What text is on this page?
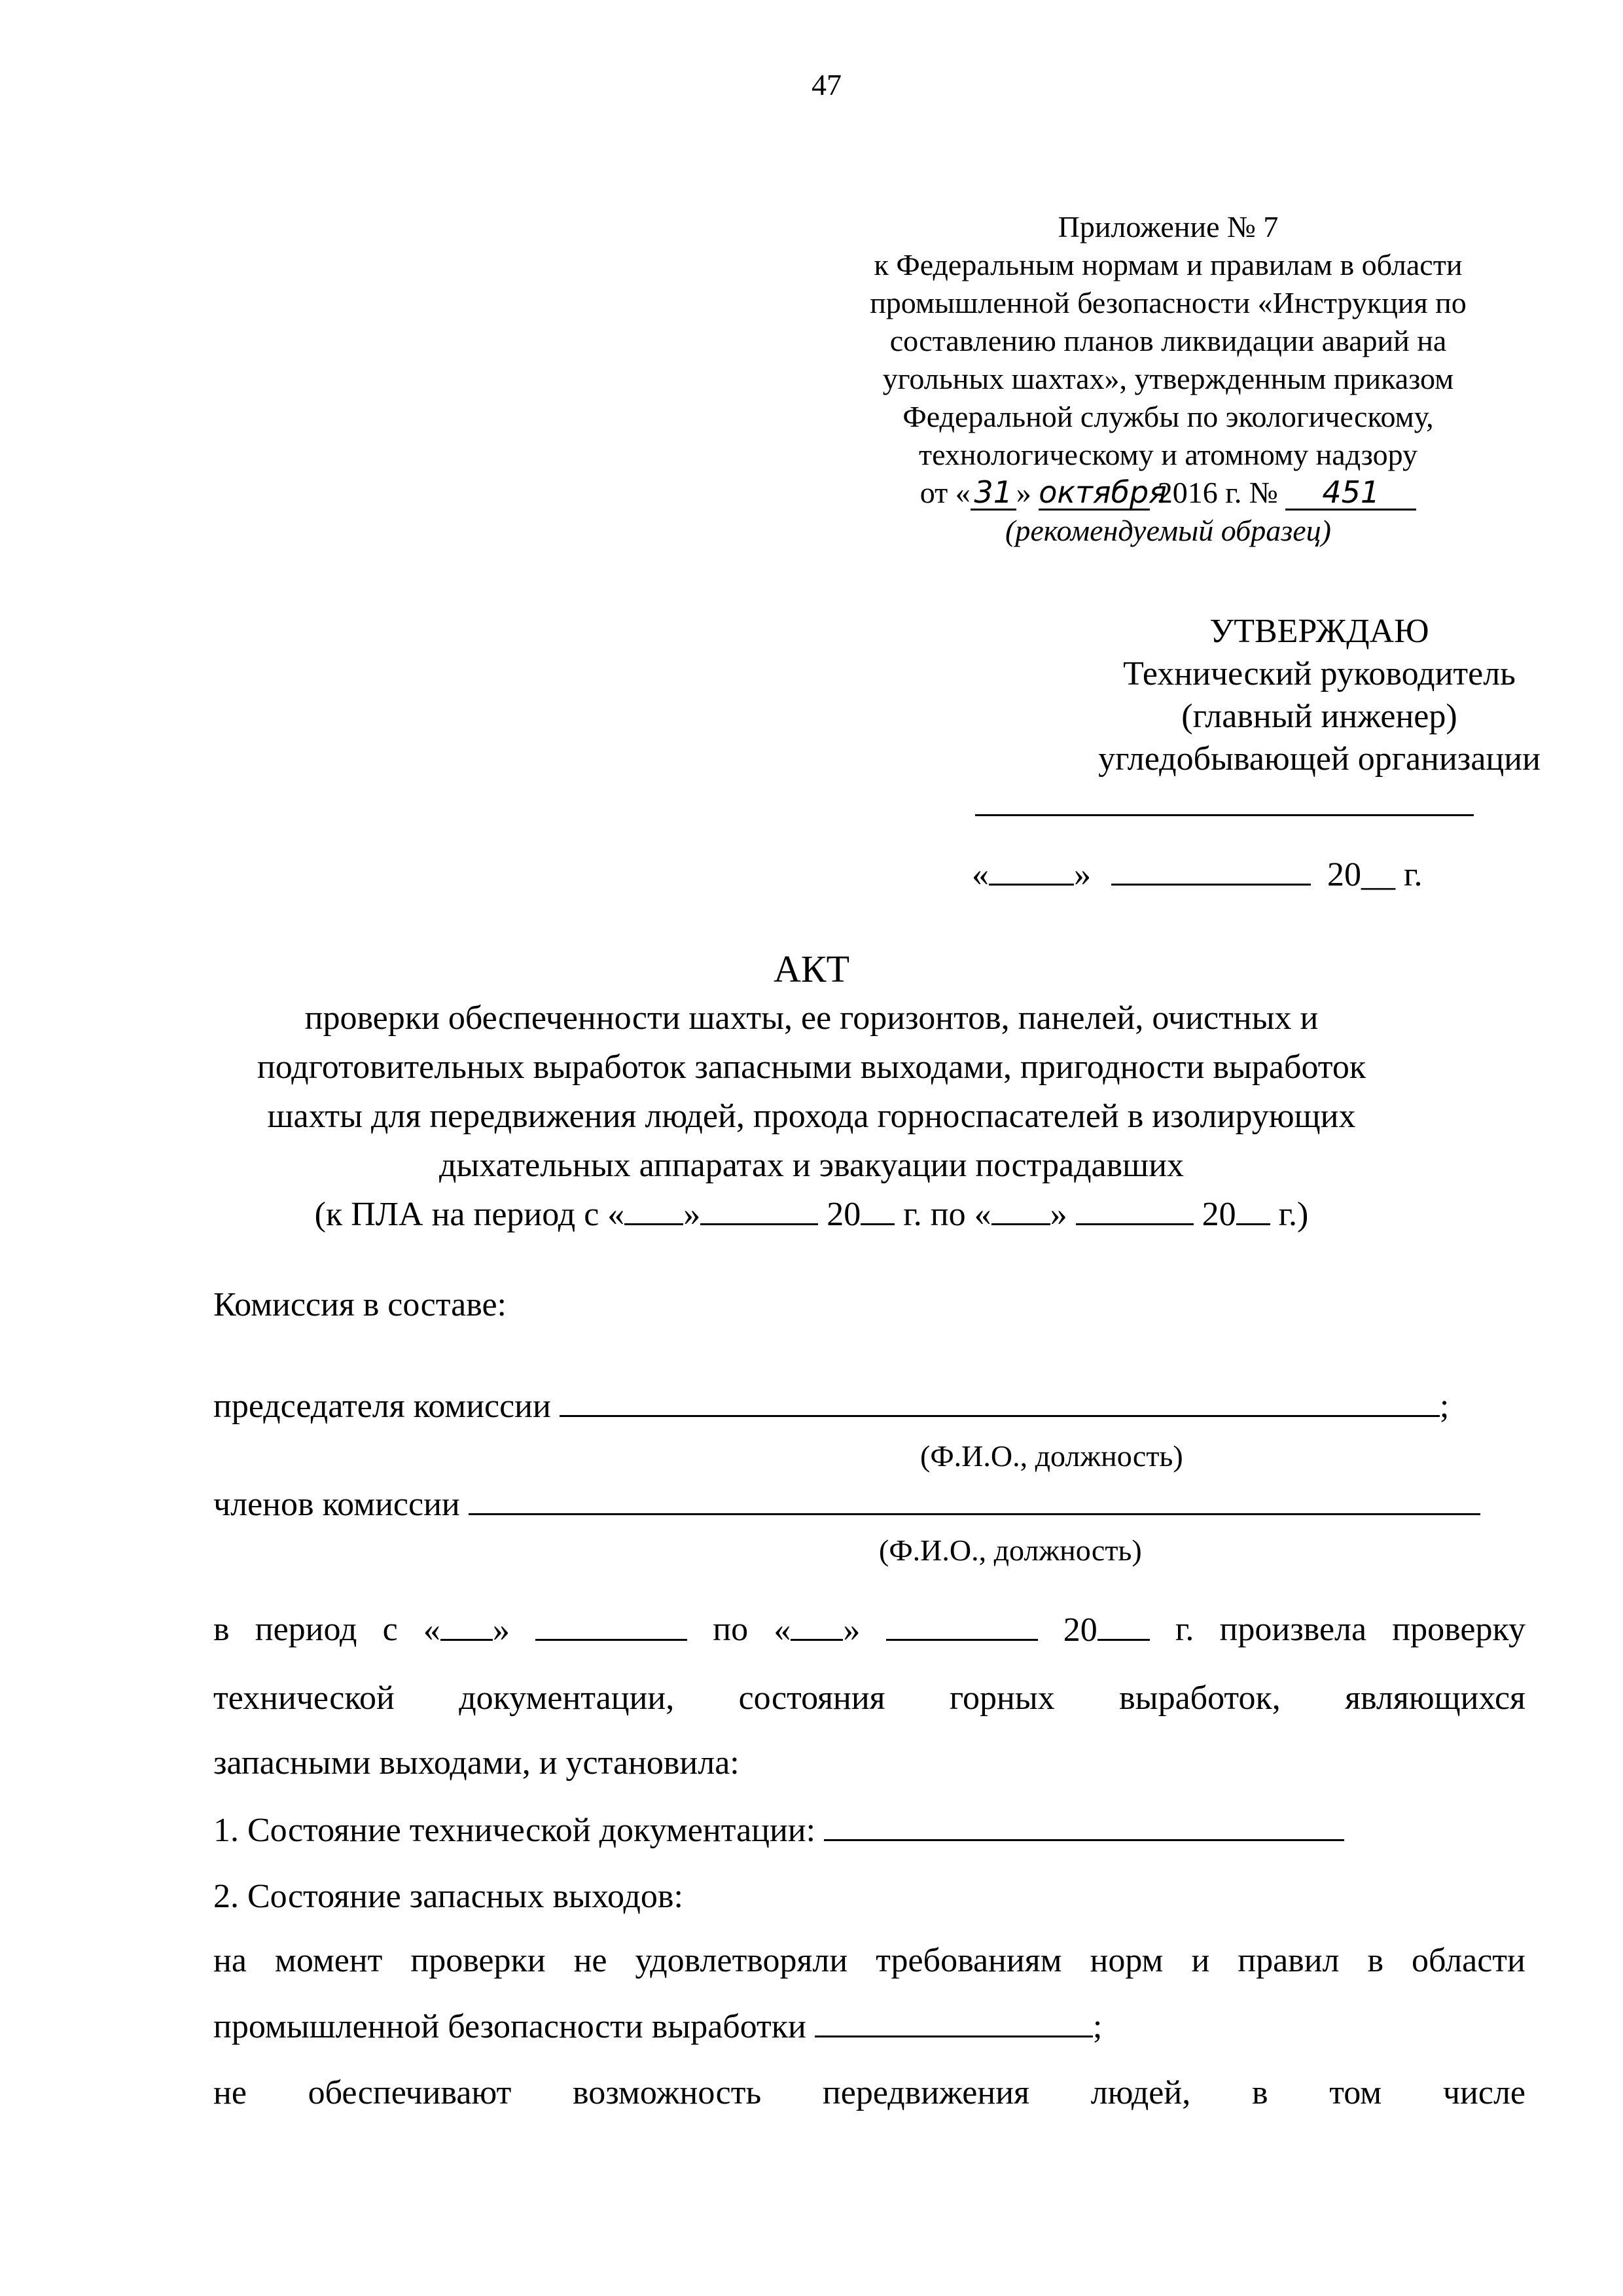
47
Приложение № 7
к Федеральным нормам и правилам в области
промышленной безопасности «Инструкция по
составлению планов ликвидации аварий на
угольных шахтах», утвержденным приказом
Федеральной службы по экологическому,
технологическому и атомному надзору
от « 31 » октября 2016 г. № 451
(рекомендуемый образец)
УТВЕРЖДАЮ
Технический руководитель
(главный инженер)
угледобывающей организации
«	»	20__ г.
АКТ
проверки обеспеченности шахты, ее горизонтов, панелей, очистных и
подготовительных выработок запасными выходами, пригодности выработок
шахты для передвижения людей, прохода горноспасателей в изолирующих
дыхательных аппаратах и эвакуации пострадавших
(к ПЛА на период с « »	20 г. по « »	20 г.)
Комиссия в составе:
председателя комиссии	;
(Ф.И.О., должность)
членов комиссии
(Ф.И.О., должность)
в период с « »	по « »	20	г. произвела проверку
технической документации, состояния горных выработок, являющихся
запасными выходами, и установила:
1. Состояние технической документации:
2. Состояние запасных выходов:
на момент проверки не удовлетворяли требованиям норм и правил в области
промышленной безопасности выработки	;
не обеспечивают возможность передвижения людей, в том числе
